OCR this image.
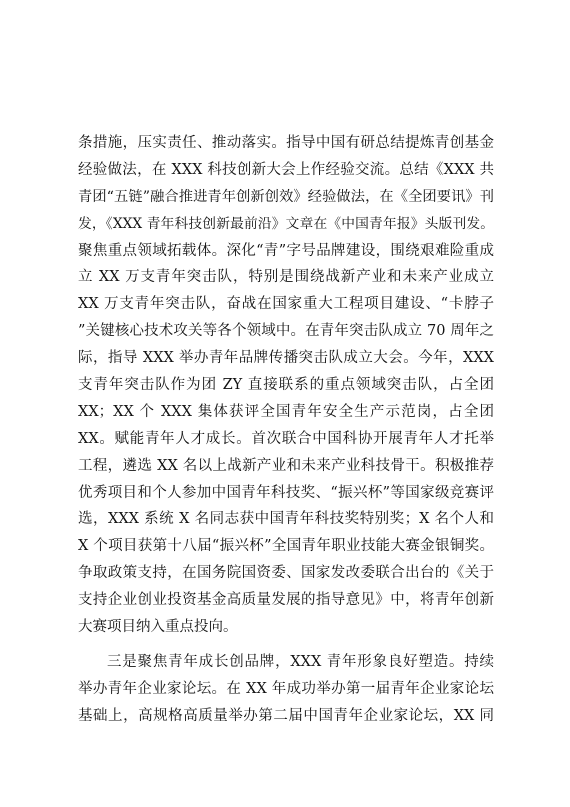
条措施，压实责任、推动落实。指导中国有研总结提炼青创基金
经验做法，在 XXX 科技创新大会上作经验交流。总结《XXX 共
青团“五链”融合推进青年创新创效》经验做法，在《全团要讯》刊
发，《XXX 青年科技创新最前沿》文章在《中国青年报》头版刊发。
聚焦重点领域拓载体。深化“青”字号品牌建设，围绕艰难险重成
立 XX 万支青年突击队，特别是围绕战新产业和未来产业成立
XX 万支青年突击队，奋战在国家重大工程项目建设、“卡脖子
”关键核心技术攻关等各个领域中。在青年突击队成立 70 周年之
际，指导 XXX 举办青年品牌传播突击队成立大会。今年，XXX
支青年突击队作为团 ZY 直接联系的重点领域突击队，占全团
XX；XX 个 XXX 集体获评全国青年安全生产示范岗，占全团
XX。赋能青年人才成长。首次联合中国科协开展青年人才托举
工程，遴选 XX 名以上战新产业和未来产业科技骨干。积极推荐
优秀项目和个人参加中国青年科技奖、“振兴杯”等国家级竞赛评
选，XXX 系统 X 名同志获中国青年科技奖特别奖；X 名个人和
X 个项目获第十八届“振兴杯”全国青年职业技能大赛金银铜奖。
争取政策支持，在国务院国资委、国家发改委联合出台的《关于
支持企业创业投资基金高质量发展的指导意见》中，将青年创新
大赛项目纳入重点投向。
三是聚焦青年成长创品牌，XXX 青年形象良好塑造。持续
举办青年企业家论坛。在 XX 年成功举办第一届青年企业家论坛
基础上，高规格高质量举办第二届中国青年企业家论坛，XX 同
